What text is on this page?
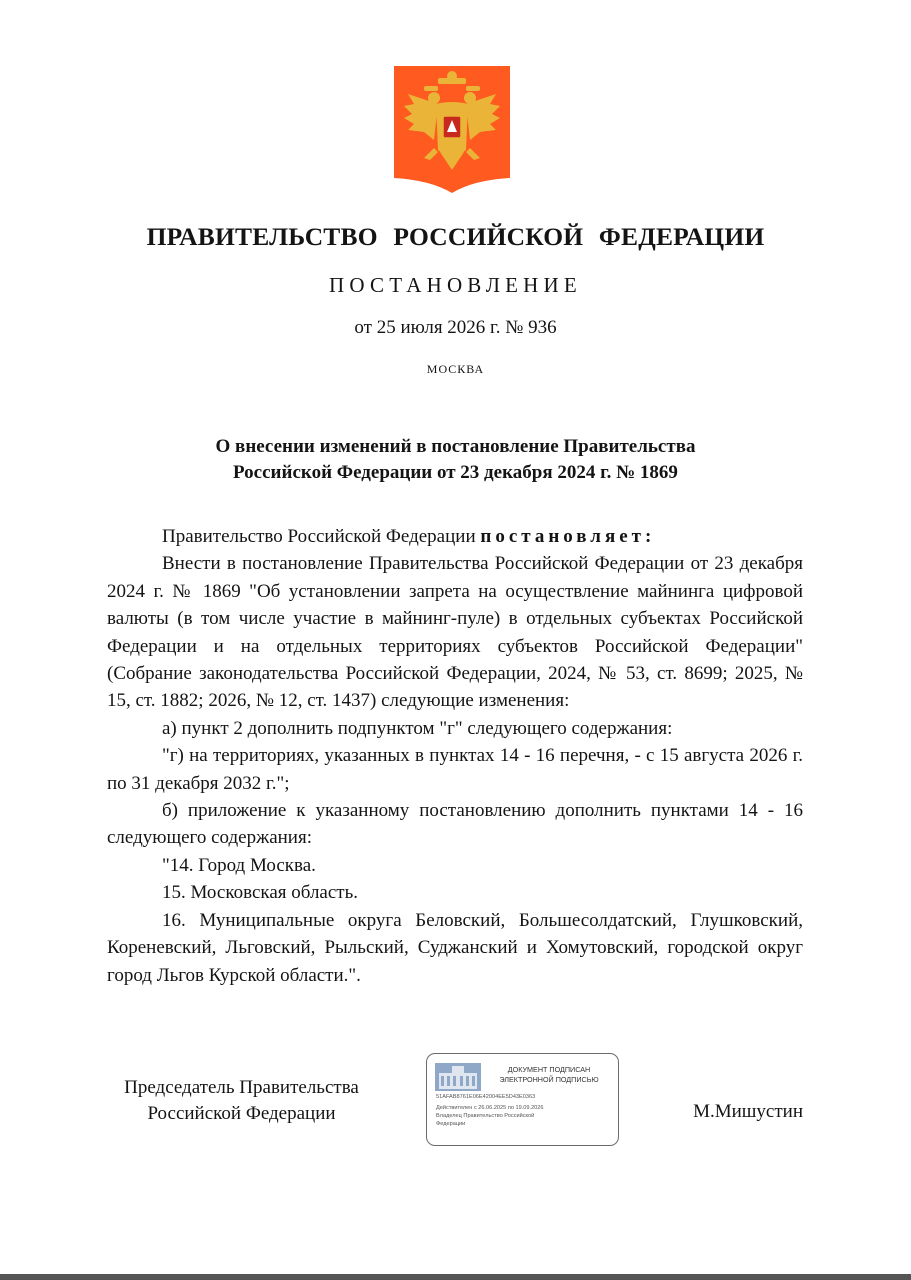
ПРАВИТЕЛЬСТВО РОССИЙСКОЙ ФЕДЕРАЦИИ
ПОСТАНОВЛЕНИЕ
от 25 июля 2026 г. № 936
МОСКВА
О внесении изменений в постановление Правительства
Российской Федерации от 23 декабря 2024 г. № 1869

Правительство Российской Федерации постановляет:

Внести в постановление Правительства Российской Федерации от 23 декабря 2024 г. № 1869 "Об установлении запрета на осуществление майнинга цифровой валюты (в том числе участие в майнинг-пуле) в отдельных субъектах Российской Федерации и на отдельных территориях субъектов Российской Федерации" (Собрание законодательства Российской Федерации, 2024, № 53, ст. 8699; 2025, № 15, ст. 1882; 2026, № 12, ст. 1437) следующие изменения:

а) пункт 2 дополнить подпунктом "г" следующего содержания:

"г) на территориях, указанных в пунктах 14 - 16 перечня, - с 15 августа 2026 г. по 31 декабря 2032 г.";

б) приложение к указанному постановлению дополнить пунктами 14 - 16 следующего содержания:

"14. Город Москва.

15. Московская область.

16. Муниципальные округа Беловский, Большесолдатский, Глушковский, Кореневский, Льговский, Рыльский, Суджанский и Хомутовский, городской округ город Льгов Курской области.".

Председатель Правительства
Российской Федерации
ДОКУМЕНТ ПОДПИСАН
ЭЛЕКТРОННОЙ ПОДПИСЬЮ
51AFAB8761E06E42004EE5D43E0363
Действителен с 26.06.2025 по 19.09.2026
Владелец Правительство Российской
Федерации
М.Мишустин
